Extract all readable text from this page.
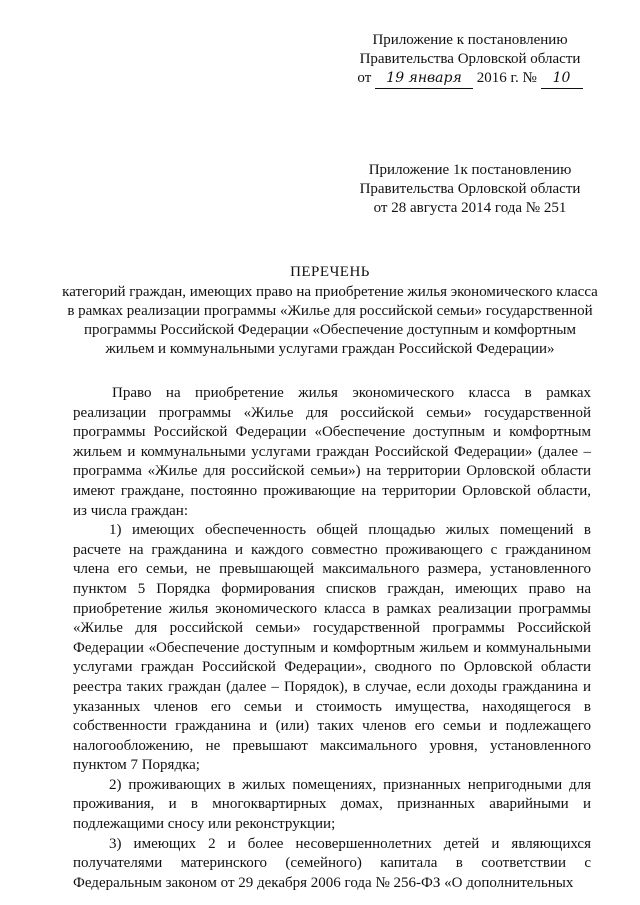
Приложение к постановлению
Правительства Орловской области
от 19 января 2016 г. № 10
Приложение 1к постановлению
Правительства Орловской области
от 28 августа 2014 года № 251
ПЕРЕЧЕНЬ
категорий граждан, имеющих право на приобретение жилья экономического класса в рамках реализации программы «Жилье для российской семьи» государственной программы Российской Федерации «Обеспечение доступным и комфортным жильем и коммунальными услугами граждан Российской Федерации»

Право на приобретение жилья экономического класса в рамках реализации программы «Жилье для российской семьи» государственной программы Российской Федерации «Обеспечение доступным и комфортным жильем и коммунальными услугами граждан Российской Федерации» (далее – программа «Жилье для российской семьи») на территории Орловской области имеют граждане, постоянно проживающие на территории Орловской области, из числа граждан:

1) имеющих обеспеченность общей площадью жилых помещений в расчете на гражданина и каждого совместно проживающего с гражданином члена его семьи, не превышающей максимального размера, установленного пунктом 5 Порядка формирования списков граждан, имеющих право на приобретение жилья экономического класса в рамках реализации программы «Жилье для российской семьи» государственной программы Российской Федерации «Обеспечение доступным и комфортным жильем и коммунальными услугами граждан Российской Федерации», сводного по Орловской области реестра таких граждан (далее – Порядок), в случае, если доходы гражданина и указанных членов его семьи и стоимость имущества, находящегося в собственности гражданина и (или) таких членов его семьи и подлежащего налогообложению, не превышают максимального уровня, установленного пунктом 7 Порядка;

2) проживающих в жилых помещениях, признанных непригодными для проживания, и в многоквартирных домах, признанных аварийными и подлежащими сносу или реконструкции;

3) имеющих 2 и более несовершеннолетних детей и являющихся получателями материнского (семейного) капитала в соответствии с Федеральным законом от 29 декабря 2006 года № 256-ФЗ «О дополнительных
